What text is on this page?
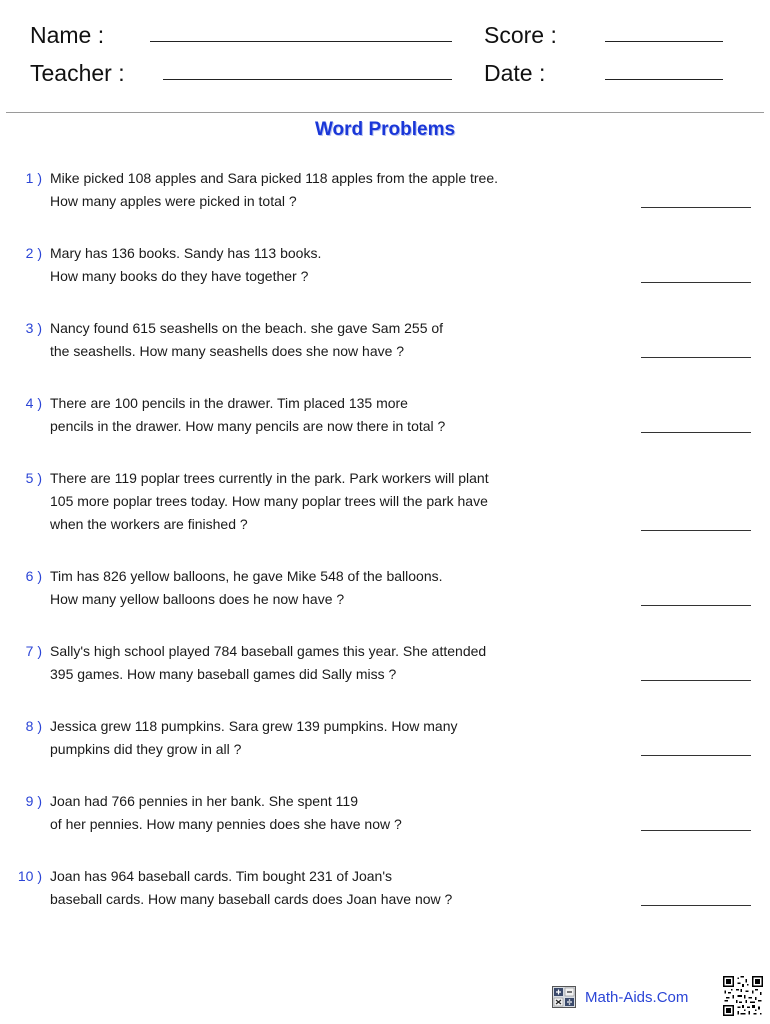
Name :
Teacher :
Score :
Date :
Word Problems
1 ) Mike picked 108 apples and Sara picked 118 apples from the apple tree.
How many apples were picked in total ?
2 ) Mary has 136 books. Sandy has 113 books.
How many books do they have together ?
3 ) Nancy found 615 seashells on the beach. she gave Sam 255 of
the seashells. How many seashells does she now have ?
4 ) There are 100 pencils in the drawer. Tim placed 135 more
pencils in the drawer. How many pencils are now there in total ?
5 ) There are 119 poplar trees currently in the park. Park workers will plant
105 more poplar trees today. How many poplar trees will the park have
when the workers are finished ?
6 ) Tim has 826 yellow balloons, he gave Mike 548 of the balloons.
How many yellow balloons does he now have ?
7 ) Sally's high school played 784 baseball games this year. She attended
395 games. How many baseball games did Sally miss ?
8 ) Jessica grew 118 pumpkins. Sara grew 139 pumpkins. How many
pumpkins did they grow in all ?
9 ) Joan had 766 pennies in her bank. She spent 119
of her pennies. How many pennies does she have now ?
10 ) Joan has 964 baseball cards. Tim bought 231 of Joan's
baseball cards. How many baseball cards does Joan have now ?
Math-Aids.Com
